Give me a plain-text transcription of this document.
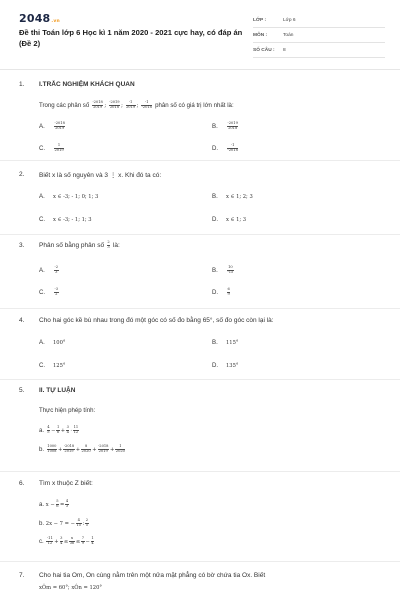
2048.vn
Đề thi Toán lớp 6 Học kì 1 năm 2020 - 2021 cực hay, có đáp án (Đề 2)
LỚP :	Lớp 6
MÔN :	Toán
SỐ CÂU :	8
1. I.TRẮC NGHIỆM KHÁCH QUAN
Trong các phân số $\frac{-2018}{2019}$ ; $\frac{-2019}{2018}$ ; $\frac{-1}{2019}$ ; $\frac{-1}{-2018}$ phân số có giá trị lớn nhất là:
A.	$\frac{-2018}{2019}$	B.	$\frac{-2019}{2018}$
C. $\frac{1}{2019}$	D. $\frac{-1}{-2018}$
2. Biết x là số nguyên và 3 ⋮ x. Khi đó ta có:
A. x ∈ -3; - 1; 0; 1; 3	B. x ∈ 1; 2; 3
C. x ∈ -3; - 1; 1; 3	D. x ∈ 1; 3
3. Phân số bằng phân số $\frac{2}{3}$ là:
A.	$\frac{-2}{3}$	B.	$\frac{10}{-15}$
C. $\frac{-3}{2}$	D. $\frac{6}{9}$
4. Cho hai góc kề bù nhau trong đó một góc có số đo bằng 65°, số đo góc còn lại là:
A. 100°	B. 115°
C. 125°	D. 135°
5. II. TỰ LUẬN
Thực hiện phép tính:
a. $\frac{4}{5} - \frac{1}{6} + \frac{3}{4} \cdot \frac{11}{12}$
b. $\frac{1000}{1008} + \frac{-2018}{2019} + \frac{8}{2020} + \frac{-2018}{2019} + \frac{1}{2020}$
6. Tìm x thuộc Z biết:
a. $x - \frac{5}{6} = \frac{4}{3}$
b. 2x − 7 = − $\frac{4}{15}$ : $\frac{2}{5}$
c. $\frac{-11}{12} + \frac{3}{4} \le \frac{x}{36} \le \frac{7}{9} - \frac{1}{4}$
7. Cho hai tia Om, On cùng nằm trên một nửa mặt phẳng có bờ chứa tia Ox. Biết
xÔm = 60°; xÔn = 120°
